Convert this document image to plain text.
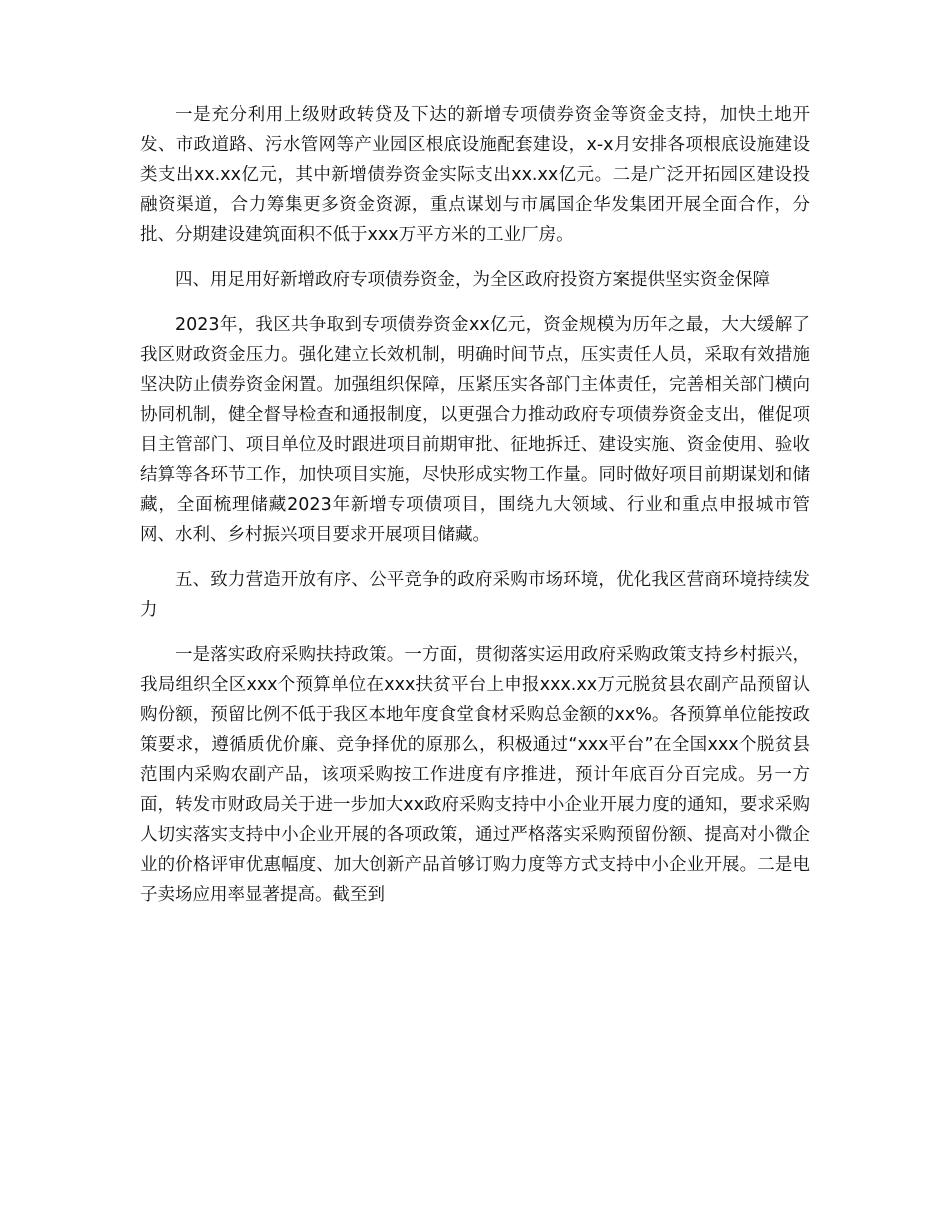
一是充分利用上级财政转贷及下达的新增专项债券资金等资金支持，加快土地开发、市政道路、污水管网等产业园区根底设施配套建设，x-x月安排各项根底设施建设类支出xx.xx亿元，其中新增债券资金实际支出xx.xx亿元。二是广泛开拓园区建设投融资渠道，合力筹集更多资金资源，重点谋划与市属国企华发集团开展全面合作，分批、分期建设建筑面积不低于xxx万平方米的工业厂房。

四、用足用好新增政府专项债券资金，为全区政府投资方案提供坚实资金保障

2023年，我区共争取到专项债券资金xx亿元，资金规模为历年之最，大大缓解了我区财政资金压力。强化建立长效机制，明确时间节点，压实责任人员，采取有效措施坚决防止债券资金闲置。加强组织保障，压紧压实各部门主体责任，完善相关部门横向协同机制，健全督导检查和通报制度，以更强合力推动政府专项债券资金支出，催促项目主管部门、项目单位及时跟进项目前期审批、征地拆迁、建设实施、资金使用、验收结算等各环节工作，加快项目实施，尽快形成实物工作量。同时做好项目前期谋划和储藏，全面梳理储藏2023年新增专项债项目，围绕九大领域、行业和重点申报城市管网、水利、乡村振兴项目要求开展项目储藏。

五、致力营造开放有序、公平竞争的政府采购市场环境，优化我区营商环境持续发力

一是落实政府采购扶持政策。一方面，贯彻落实运用政府采购政策支持乡村振兴，我局组织全区xxx个预算单位在xxx扶贫平台上申报xxx.xx万元脱贫县农副产品预留认购份额，预留比例不低于我区本地年度食堂食材采购总金额的xx%。各预算单位能按政策要求，遵循质优价廉、竞争择优的原那么，积极通过“xxx平台”在全国xxx个脱贫县范围内采购农副产品，该项采购按工作进度有序推进，预计年底百分百完成。另一方面，转发市财政局关于进一步加大xx政府采购支持中小企业开展力度的通知，要求采购人切实落实支持中小企业开展的各项政策，通过严格落实采购预留份额、提高对小微企业的价格评审优惠幅度、加大创新产品首够订购力度等方式支持中小企业开展。二是电子卖场应用率显著提高。截至到
